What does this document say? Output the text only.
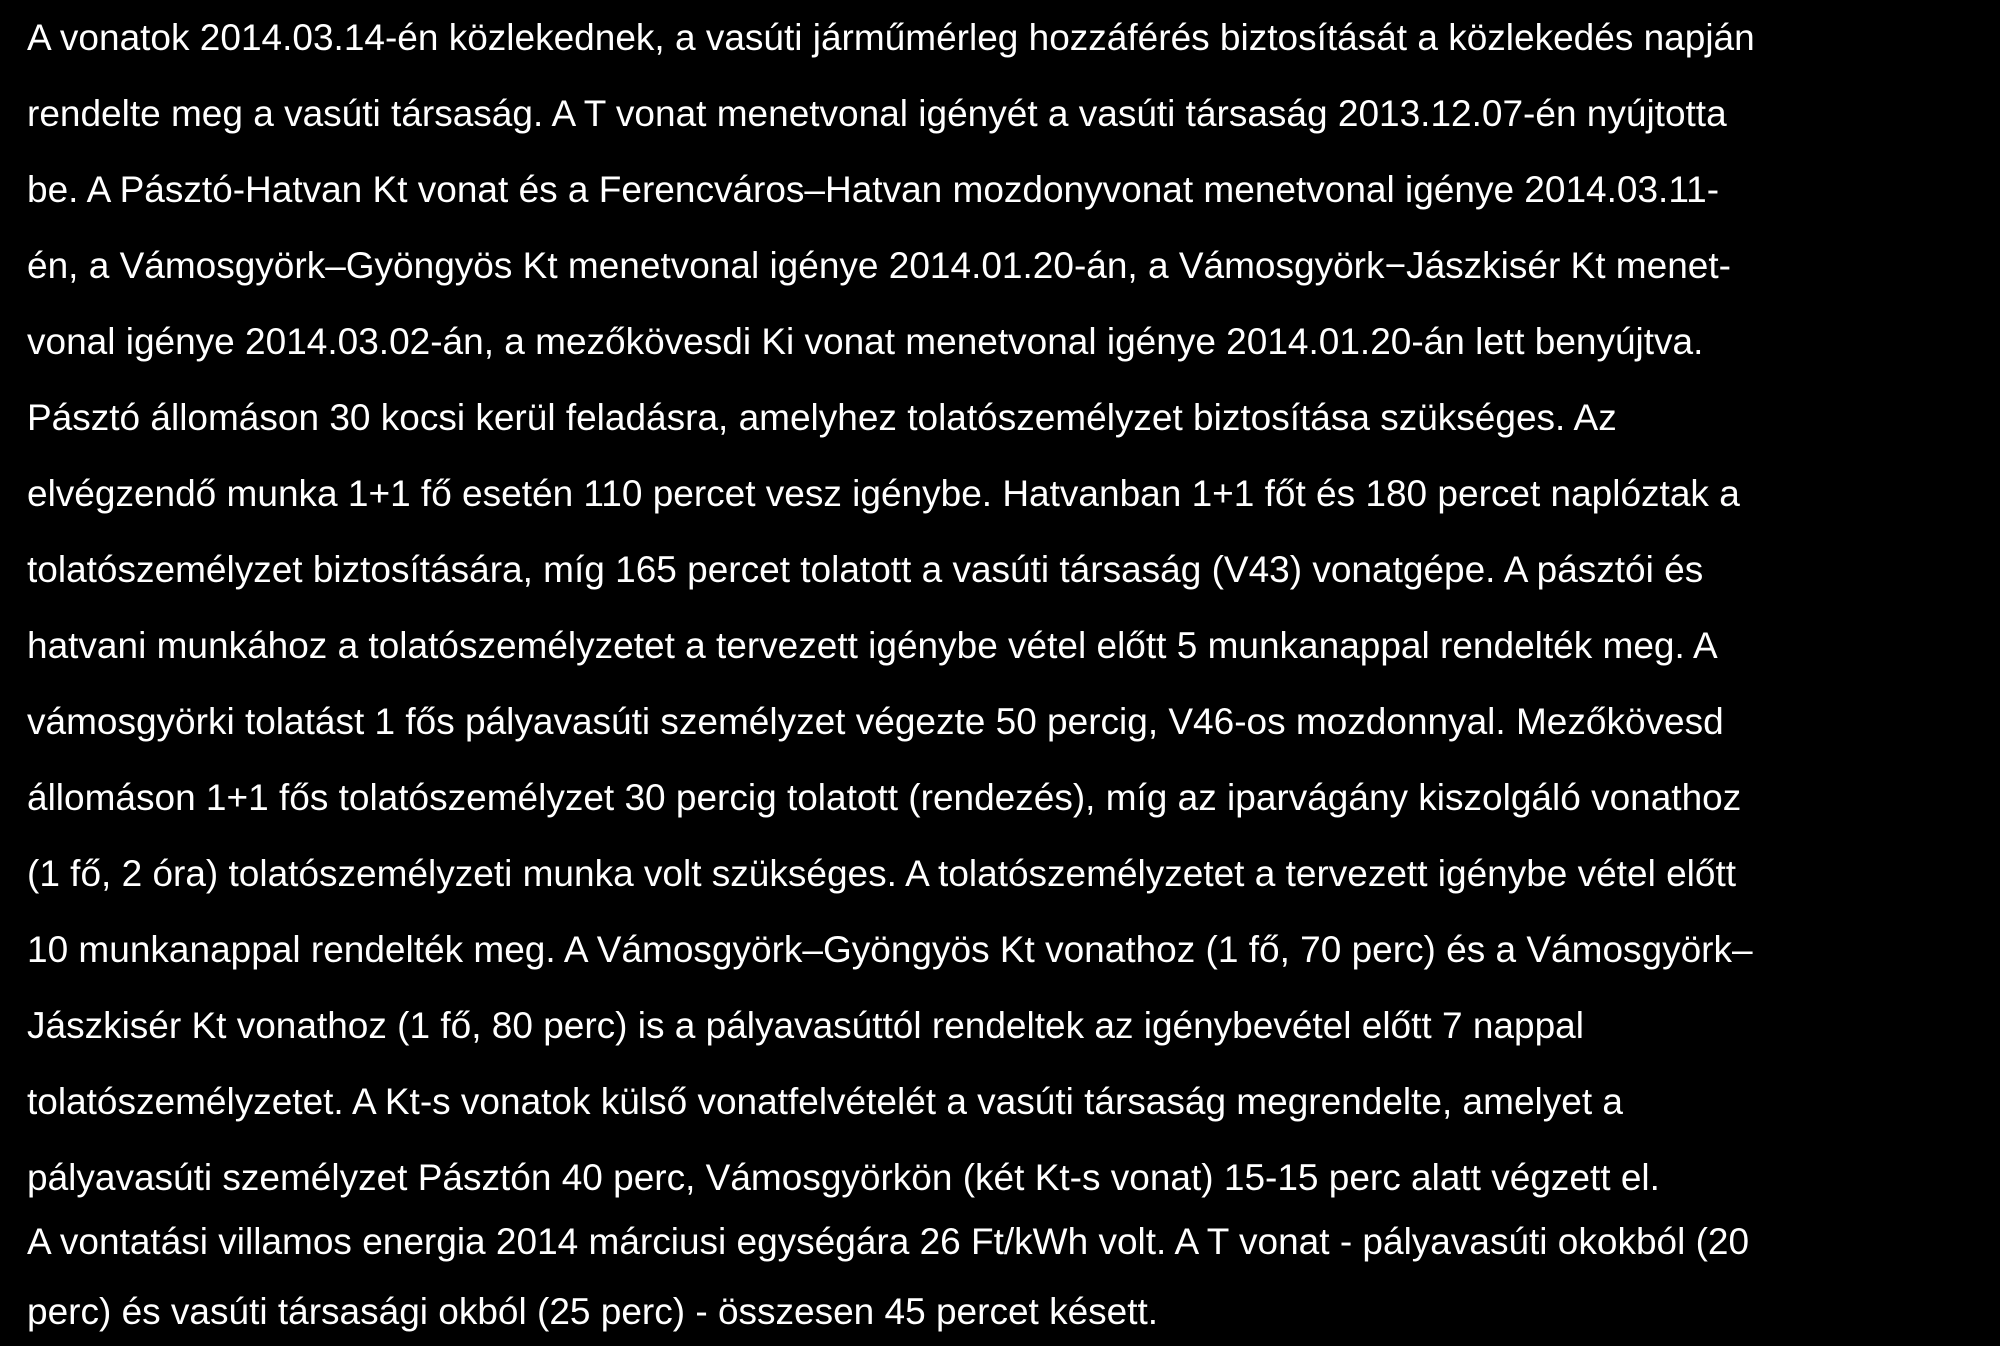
A vonatok 2014.03.14-én közlekednek, a vasúti járműmérleg hozzáférés biztosítását a közlekedés napján
rendelte meg a vasúti társaság. A T vonat menetvonal igényét a vasúti társaság 2013.12.07-én nyújtotta
be. A Pásztó-Hatvan Kt vonat és a Ferencváros–Hatvan mozdonyvonat menetvonal igénye 2014.03.11-
én, a Vámosgyörk–Gyöngyös Kt menetvonal igénye 2014.01.20-án, a Vámosgyörk−Jászkisér Kt menet-
vonal igénye 2014.03.02-án, a mezőkövesdi Ki vonat menetvonal igénye 2014.01.20-án lett benyújtva.
Pásztó állomáson 30 kocsi kerül feladásra, amelyhez tolatószemélyzet biztosítása szükséges. Az
elvégzendő munka 1+1 fő esetén 110 percet vesz igénybe. Hatvanban 1+1 főt és 180 percet naplóztak a
tolatószemélyzet biztosítására, míg 165 percet tolatott a vasúti társaság (V43) vonatgépe. A pásztói és
hatvani munkához a tolatószemélyzetet a tervezett igénybe vétel előtt 5 munkanappal rendelték meg. A
vámosgyörki tolatást 1 fős pályavasúti személyzet végezte 50 percig, V46-os mozdonnyal. Mezőkövesd
állomáson 1+1 fős tolatószemélyzet 30 percig tolatott (rendezés), míg az iparvágány kiszolgáló vonathoz
(1 fő, 2 óra) tolatószemélyzeti munka volt szükséges. A tolatószemélyzetet a tervezett igénybe vétel előtt
10 munkanappal rendelték meg. A Vámosgyörk–Gyöngyös Kt vonathoz (1 fő, 70 perc) és a Vámosgyörk–
Jászkisér Kt vonathoz (1 fő, 80 perc) is a pályavasúttól rendeltek az igénybevétel előtt 7 nappal
tolatószemélyzetet. A Kt-s vonatok külső vonatfelvételét a vasúti társaság megrendelte, amelyet a
pályavasúti személyzet Pásztón 40 perc, Vámosgyörkön (két Kt-s vonat) 15-15 perc alatt végzett el.
A vontatási villamos energia 2014 márciusi egységára 26 Ft/kWh volt. A T vonat - pályavasúti okokból (20
perc) és vasúti társasági okból (25 perc) - összesen 45 percet késett.
